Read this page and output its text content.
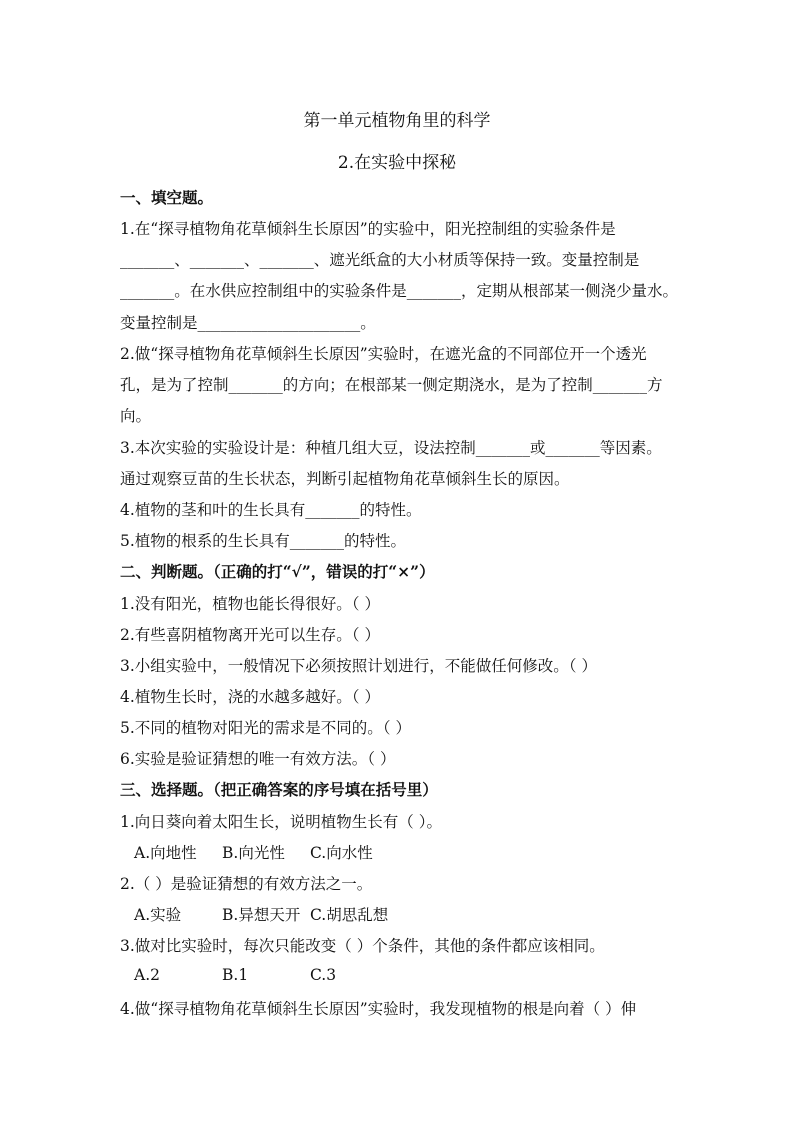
第一单元植物角里的科学
2.在实验中探秘

一、填空题。

1.在“探寻植物角花草倾斜生长原因”的实验中，阳光控制组的实验条件是

_______、_______、_______、遮光纸盒的大小材质等保持一致。变量控制是

_______。在水供应控制组中的实验条件是_______，定期从根部某一侧浇少量水。

变量控制是_____________________。

2.做“探寻植物角花草倾斜生长原因”实验时，在遮光盒的不同部位开一个透光

孔，是为了控制_______的方向；在根部某一侧定期浇水，是为了控制_______方

向。

3.本次实验的实验设计是：种植几组大豆，设法控制_______或_______等因素。

通过观察豆苗的生长状态，判断引起植物角花草倾斜生长的原因。

4.植物的茎和叶的生长具有_______的特性。

5.植物的根系的生长具有_______的特性。

二、判断题。（正确的打“√”，错误的打“×”）

1.没有阳光，植物也能长得很好。（ ）

2.有些喜阴植物离开光可以生存。（ ）

3.小组实验中，一般情况下必须按照计划进行，不能做任何修改。（ ）

4.植物生长时，浇的水越多越好。（ ）

5.不同的植物对阳光的需求是不同的。（ ）

6.实验是验证猜想的唯一有效方法。（ ）

三、选择题。（把正确答案的序号填在括号里）

1.向日葵向着太阳生长，说明植物生长有（ ）。

A.向地性 B.向光性 C.向水性

2.（ ）是验证猜想的有效方法之一。

A.实验	B.异想天开 C.胡思乱想

3.做对比实验时，每次只能改变（ ）个条件，其他的条件都应该相同。

A.2	B.1	C.3

4.做“探寻植物角花草倾斜生长原因”实验时，我发现植物的根是向着（ ）伸
